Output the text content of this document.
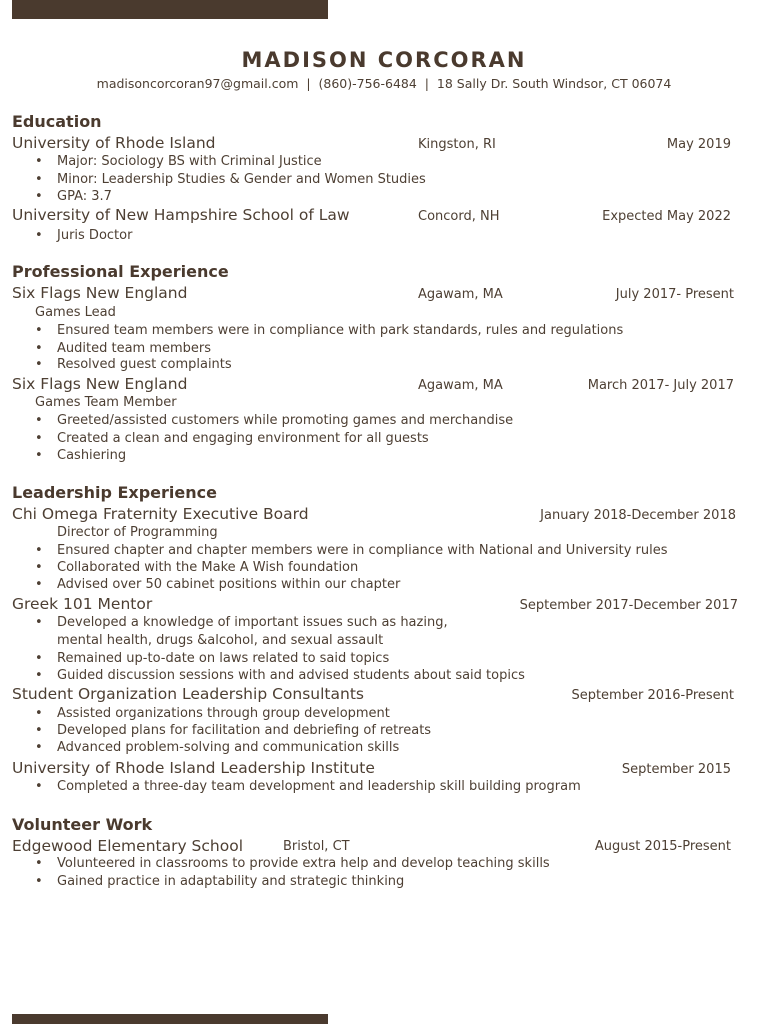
MADISON CORCORAN
madisoncorcoran97@gmail.com  |  (860)-756-6484  |  18 Sally Dr. South Windsor, CT 06074
Education
University of Rhode Island	Kingston, RI	May 2019
• Major: Sociology BS with Criminal Justice
• Minor: Leadership Studies & Gender and Women Studies
• GPA: 3.7
University of New Hampshire School of Law	Concord, NH	Expected May 2022
• Juris Doctor
Professional Experience
Six Flags New England	Agawam, MA	July 2017- Present
Games Lead
• Ensured team members were in compliance with park standards, rules and regulations
• Audited team members
• Resolved guest complaints
Six Flags New England	Agawam, MA	March 2017- July 2017
Games Team Member
• Greeted/assisted customers while promoting games and merchandise
• Created a clean and engaging environment for all guests
• Cashiering
Leadership Experience
Chi Omega Fraternity Executive Board	January 2018-December 2018
Director of Programming
• Ensured chapter and chapter members were in compliance with National and University rules
• Collaborated with the Make A Wish foundation
• Advised over 50 cabinet positions within our chapter
Greek 101 Mentor	September 2017-December 2017
• Developed a knowledge of important issues such as hazing,
mental health, drugs &alcohol, and sexual assault
• Remained up-to-date on laws related to said topics
• Guided discussion sessions with and advised students about said topics
Student Organization Leadership Consultants	September 2016-Present
• Assisted organizations through group development
• Developed plans for facilitation and debriefing of retreats
• Advanced problem-solving and communication skills
University of Rhode Island Leadership Institute	September 2015
• Completed a three-day team development and leadership skill building program
Volunteer Work
Edgewood Elementary School	Bristol, CT	August 2015-Present
• Volunteered in classrooms to provide extra help and develop teaching skills
• Gained practice in adaptability and strategic thinking
